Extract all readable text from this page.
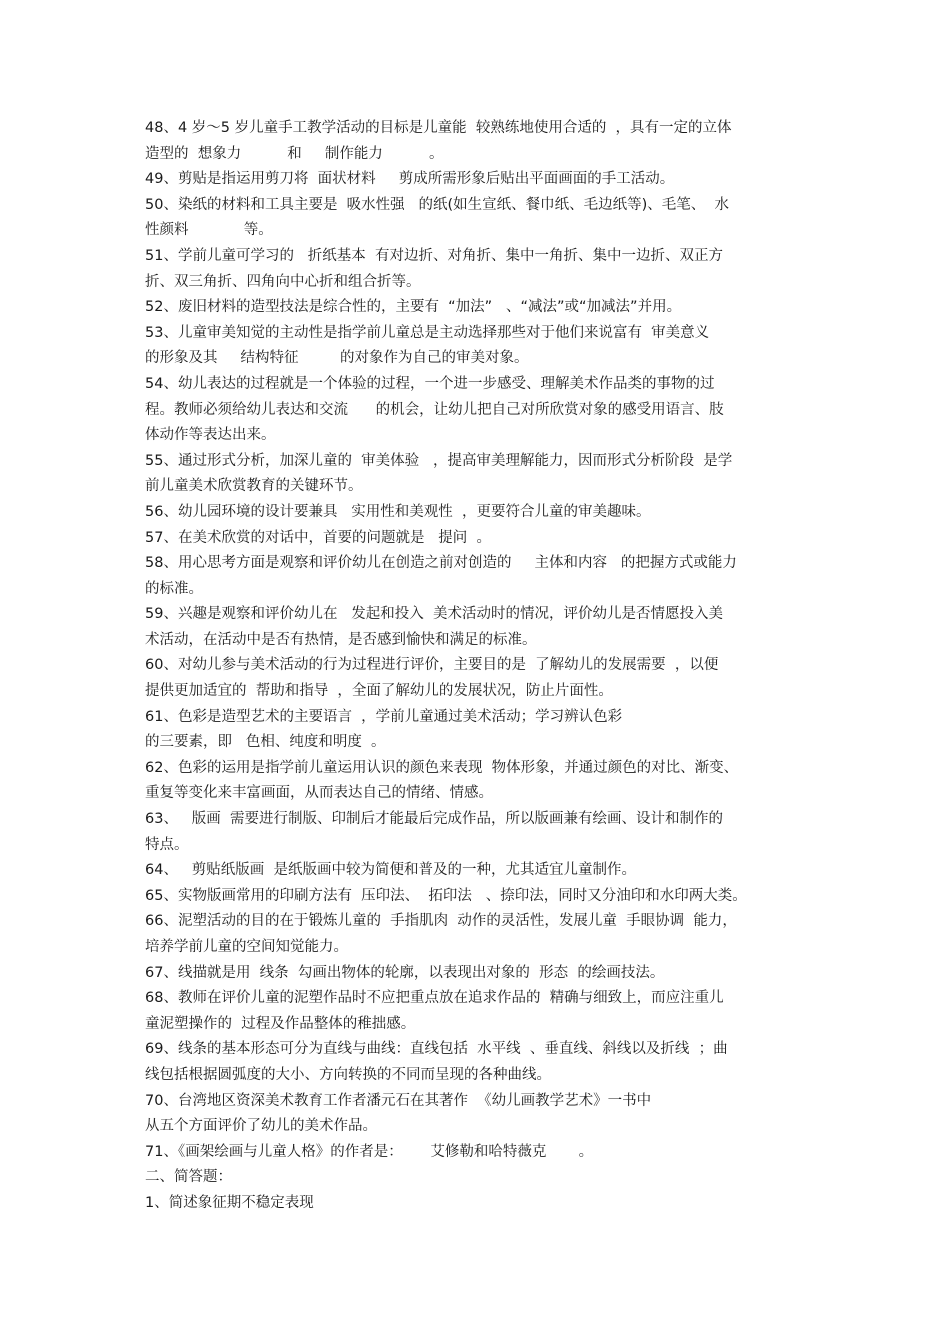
48、4 岁～5 岁儿童手工教学活动的目标是儿童能  较熟练地使用合适的  ，具有一定的立体
造型的  想象力          和     制作能力          。
49、剪贴是指运用剪刀将  面状材料     剪成所需形象后贴出平面画面的手工活动。
50、染纸的材料和工具主要是  吸水性强   的纸(如生宣纸、餐巾纸、毛边纸等)、毛笔、  水
性颜料            等。
51、学前儿童可学习的   折纸基本  有对边折、对角折、集中一角折、集中一边折、双正方
折、双三角折、四角向中心折和组合折等。
52、废旧材料的造型技法是综合性的，主要有  “加法”   、“减法”或“加减法”并用。
53、儿童审美知觉的主动性是指学前儿童总是主动选择那些对于他们来说富有  审美意义
的形象及其     结构特征         的对象作为自己的审美对象。
54、幼儿表达的过程就是一个体验的过程，一个进一步感受、理解美术作品类的事物的过
程。教师必须给幼儿表达和交流      的机会，让幼儿把自己对所欣赏对象的感受用语言、肢
体动作等表达出来。
55、通过形式分析，加深儿童的  审美体验   ，提高审美理解能力，因而形式分析阶段  是学
前儿童美术欣赏教育的关键环节。
56、幼儿园环境的设计要兼具   实用性和美观性  ，更要符合儿童的审美趣味。
57、在美术欣赏的对话中，首要的问题就是   提问  。
58、用心思考方面是观察和评价幼儿在创造之前对创造的     主体和内容   的把握方式或能力
的标准。
59、兴趣是观察和评价幼儿在   发起和投入  美术活动时的情况，评价幼儿是否情愿投入美
术活动，在活动中是否有热情，是否感到愉快和满足的标准。
60、对幼儿参与美术活动的行为过程进行评价，主要目的是  了解幼儿的发展需要  ，以便
提供更加适宜的  帮助和指导  ，全面了解幼儿的发展状况，防止片面性。
61、色彩是造型艺术的主要语言  ，学前儿童通过美术活动；学习辨认色彩
的三要素，即   色相、纯度和明度  。
62、色彩的运用是指学前儿童运用认识的颜色来表现  物体形象，并通过颜色的对比、渐变、
重复等变化来丰富画面，从而表达自己的情绪、情感。
63、   版画  需要进行制版、印制后才能最后完成作品，所以版画兼有绘画、设计和制作的
特点。
64、   剪贴纸版画  是纸版画中较为简便和普及的一种，尤其适宜儿童制作。
65、实物版画常用的印刷方法有  压印法、  拓印法   、捺印法，同时又分油印和水印两大类。
66、泥塑活动的目的在于锻炼儿童的  手指肌肉  动作的灵活性，发展儿童  手眼协调  能力，
培养学前儿童的空间知觉能力。
67、线描就是用  线条  勾画出物体的轮廓，以表现出对象的  形态  的绘画技法。
68、教师在评价儿童的泥塑作品时不应把重点放在追求作品的  精确与细致上，而应注重儿
童泥塑操作的  过程及作品整体的稚拙感。
69、线条的基本形态可分为直线与曲线：直线包括  水平线  、垂直线、斜线以及折线  ；曲
线包括根据圆弧度的大小、方向转换的不同而呈现的各种曲线。
70、台湾地区资深美术教育工作者潘元石在其著作  《幼儿画教学艺术》一书中
从五个方面评价了幼儿的美术作品。
71、《画架绘画与儿童人格》的作者是：      艾修勒和哈特薇克       。
二、简答题：
1、简述象征期不稳定表现
